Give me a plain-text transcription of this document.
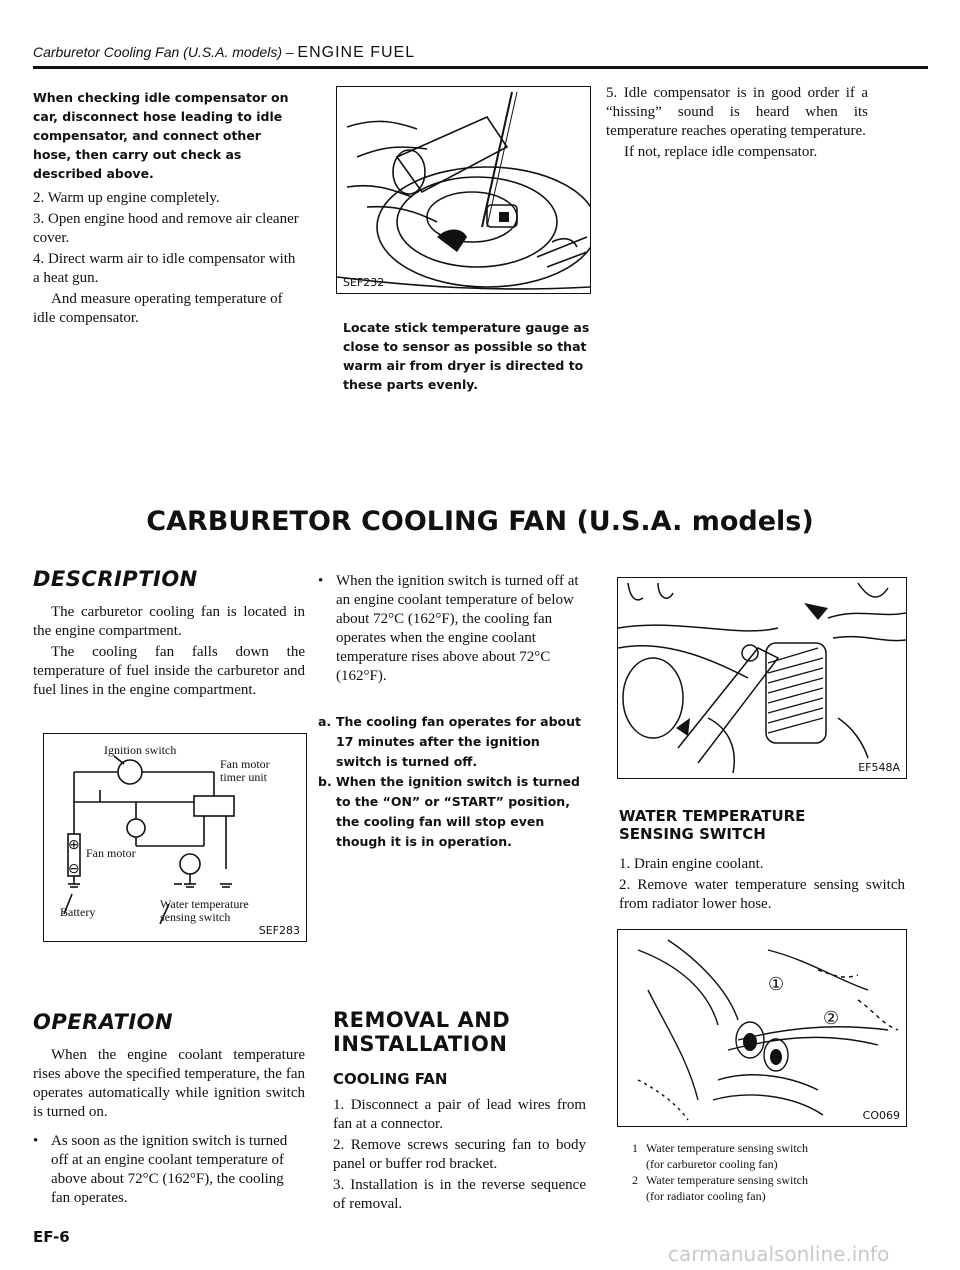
Carburetor Cooling Fan (U.S.A. models) – ENGINE FUEL

When checking idle compensator on car, disconnect hose leading to idle compensator, and connect other hose, then carry out check as described above.

2. Warm up engine completely.

3. Open engine hood and remove air cleaner cover.

4. Direct warm air to idle compensator with a heat gun.

And measure operating temperature of idle compensator.

SEF232

Locate stick temperature gauge as close to sensor as possible so that warm air from dryer is directed to these parts evenly.

5. Idle compensator is in good order if a “hissing” sound is heard when its temperature reaches operating temperature.

If not, replace idle compensator.

CARBURETOR COOLING FAN (U.S.A. models)
DESCRIPTION

The carburetor cooling fan is located in the engine compartment.

The cooling fan falls down the temperature of fuel inside the carburetor and fuel lines in the engine compartment.

⊕
⊖
Ignition switch
Fan motor
timer unit
Fan motor
Battery
Water temperature
sensing switch
SEF283
OPERATION

When the engine coolant temperature rises above the specified temperature, the fan operates automatically while ignition switch is turned on.

• As soon as the ignition switch is turned off at an engine coolant temperature of above about 72°C (162°F), the cooling fan operates.
• When the ignition switch is turned off at an engine coolant temperature of below about 72°C (162°F), the cooling fan operates when the engine coolant temperature rises above about 72°C (162°F).
a. The cooling fan operates for about 17 minutes after the ignition switch is turned off.
b. When the ignition switch is turned to the “ON” or “START” position, the cooling fan will stop even though it is in operation.
REMOVAL AND
INSTALLATION
COOLING FAN

1. Disconnect a pair of lead wires from fan at a connector.

2. Remove screws securing fan to body panel or buffer rod bracket.

3. Installation is in the reverse sequence of removal.

EF548A
WATER TEMPERATURE
SENSING SWITCH

1. Drain engine coolant.

2. Remove water temperature sensing switch from radiator lower hose.

①
②
CO069
1 Water temperature sensing switch
(for carburetor cooling fan)
2 Water temperature sensing switch
(for radiator cooling fan)
EF-6
carmanualsonline.info
